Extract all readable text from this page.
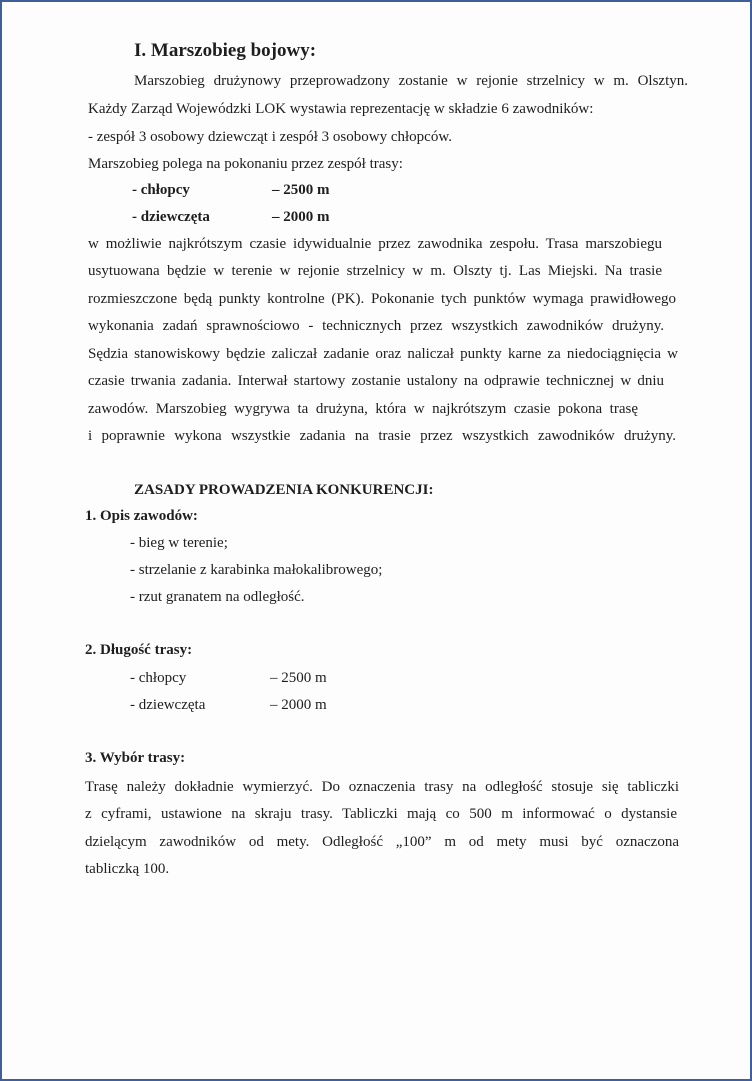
I. Marszobieg bojowy:
Marszobieg drużynowy przeprowadzony zostanie w rejonie strzelnicy w m. Olsztyn.
Każdy Zarząd Wojewódzki LOK wystawia reprezentację w składzie 6 zawodników:
- zespół 3 osobowy dziewcząt i zespół 3 osobowy chłopców.
Marszobieg polega na pokonaniu przez zespół trasy:
- chłopcy	– 2500 m
- dziewczęta	– 2000 m
w możliwie najkrótszym czasie idywidualnie przez zawodnika zespołu. Trasa marszobiegu
usytuowana będzie w terenie w rejonie strzelnicy w m. Olszty tj. Las Miejski. Na trasie
rozmieszczone będą punkty kontrolne (PK). Pokonanie tych punktów wymaga prawidłowego
wykonania zadań sprawnościowo - technicznych przez wszystkich zawodników drużyny.
Sędzia stanowiskowy będzie zaliczał zadanie oraz naliczał punkty karne za niedociągnięcia w
czasie trwania zadania. Interwał startowy zostanie ustalony na odprawie technicznej w dniu
zawodów. Marszobieg wygrywa ta drużyna, która w najkrótszym czasie pokona trasę
i poprawnie wykona wszystkie zadania na trasie przez wszystkich zawodników drużyny.
ZASADY PROWADZENIA KONKURENCJI:
1. Opis zawodów:
- bieg w terenie;
- strzelanie z karabinka małokalibrowego;
- rzut granatem na odległość.
2. Długość trasy:
- chłopcy	– 2500 m
- dziewczęta	– 2000 m
3. Wybór trasy:
Trasę należy dokładnie wymierzyć. Do oznaczenia trasy na odległość stosuje się tabliczki
z cyframi, ustawione na skraju trasy. Tabliczki mają co 500 m informować o dystansie
dzielącym zawodników od mety. Odległość „100” m od mety musi być oznaczona
tabliczką 100.
